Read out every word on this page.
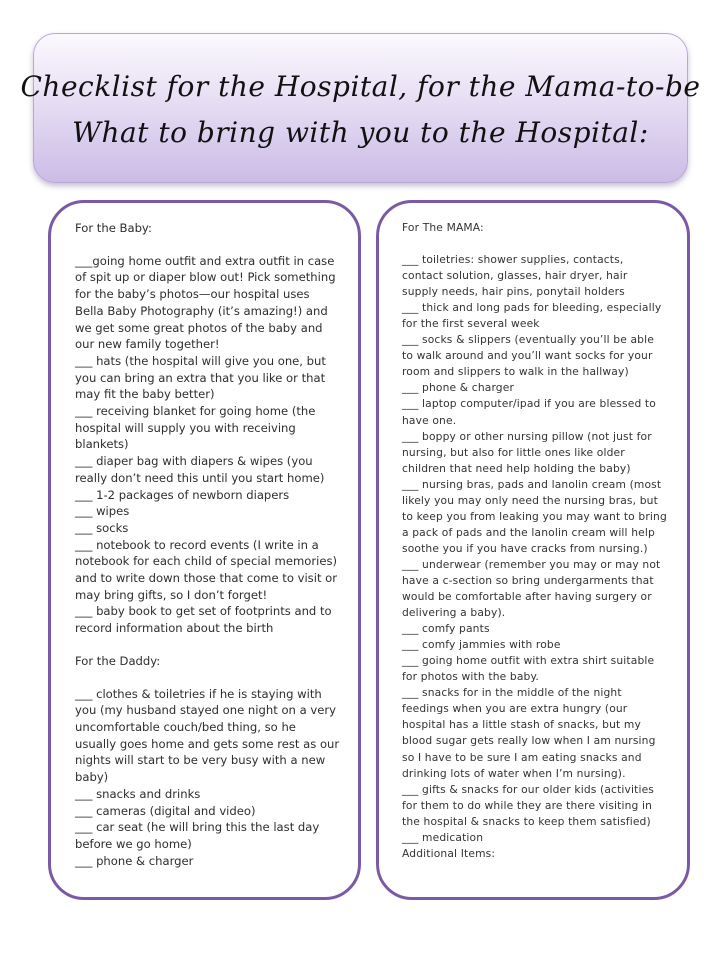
Checklist for the Hospital, for the Mama-to-be
What to bring with you to the Hospital:

For the Baby:

___going home outfit and extra outfit in case of spit up or diaper blow out! Pick something for the baby’s photos—our hospital uses Bella Baby Photography (it’s amazing!) and we get some great photos of the baby and our new family together!

___ hats (the hospital will give you one, but you can bring an extra that you like or that may fit the baby better)

___ receiving blanket for going home (the hospital will supply you with receiving blankets)

___ diaper bag with diapers & wipes (you really don’t need this until you start home)

___ 1-2 packages of newborn diapers

___ wipes

___ socks

___ notebook to record events (I write in a notebook for each child of special memories) and to write down those that come to visit or may bring gifts, so I don’t forget!

___ baby book to get set of footprints and to record information about the birth

For the Daddy:

___ clothes & toiletries if he is staying with you (my husband stayed one night on a very uncomfortable couch/bed thing, so he usually goes home and gets some rest as our nights will start to be very busy with a new baby)

___ snacks and drinks

___ cameras (digital and video)

___ car seat (he will bring this the last day before we go home)

___ phone & charger

For The MAMA:

___ toiletries: shower supplies, contacts, contact solution, glasses, hair dryer, hair supply needs, hair pins, ponytail holders

___ thick and long pads for bleeding, especially for the first several week

___ socks & slippers (eventually you’ll be able to walk around and you’ll want socks for your room and slippers to walk in the hallway)

___ phone & charger

___ laptop computer/ipad if you are blessed to have one.

___ boppy or other nursing pillow (not just for nursing, but also for little ones like older children that need help holding the baby)

___ nursing bras, pads and lanolin cream (most likely you may only need the nursing bras, but to keep you from leaking you may want to bring a pack of pads and the lanolin cream will help soothe you if you have cracks from nursing.)

___ underwear (remember you may or may not have a c-section so bring undergarments that would be comfortable after having surgery or delivering a baby).

___ comfy pants

___ comfy jammies with robe

___ going home outfit with extra shirt suitable for photos with the baby.

___ snacks for in the middle of the night feedings when you are extra hungry (our hospital has a little stash of snacks, but my blood sugar gets really low when I am nursing so I have to be sure I am eating snacks and drinking lots of water when I’m nursing).

___ gifts & snacks for our older kids (activities for them to do while they are there visiting in the hospital & snacks to keep them satisfied)

___ medication

Additional Items:
